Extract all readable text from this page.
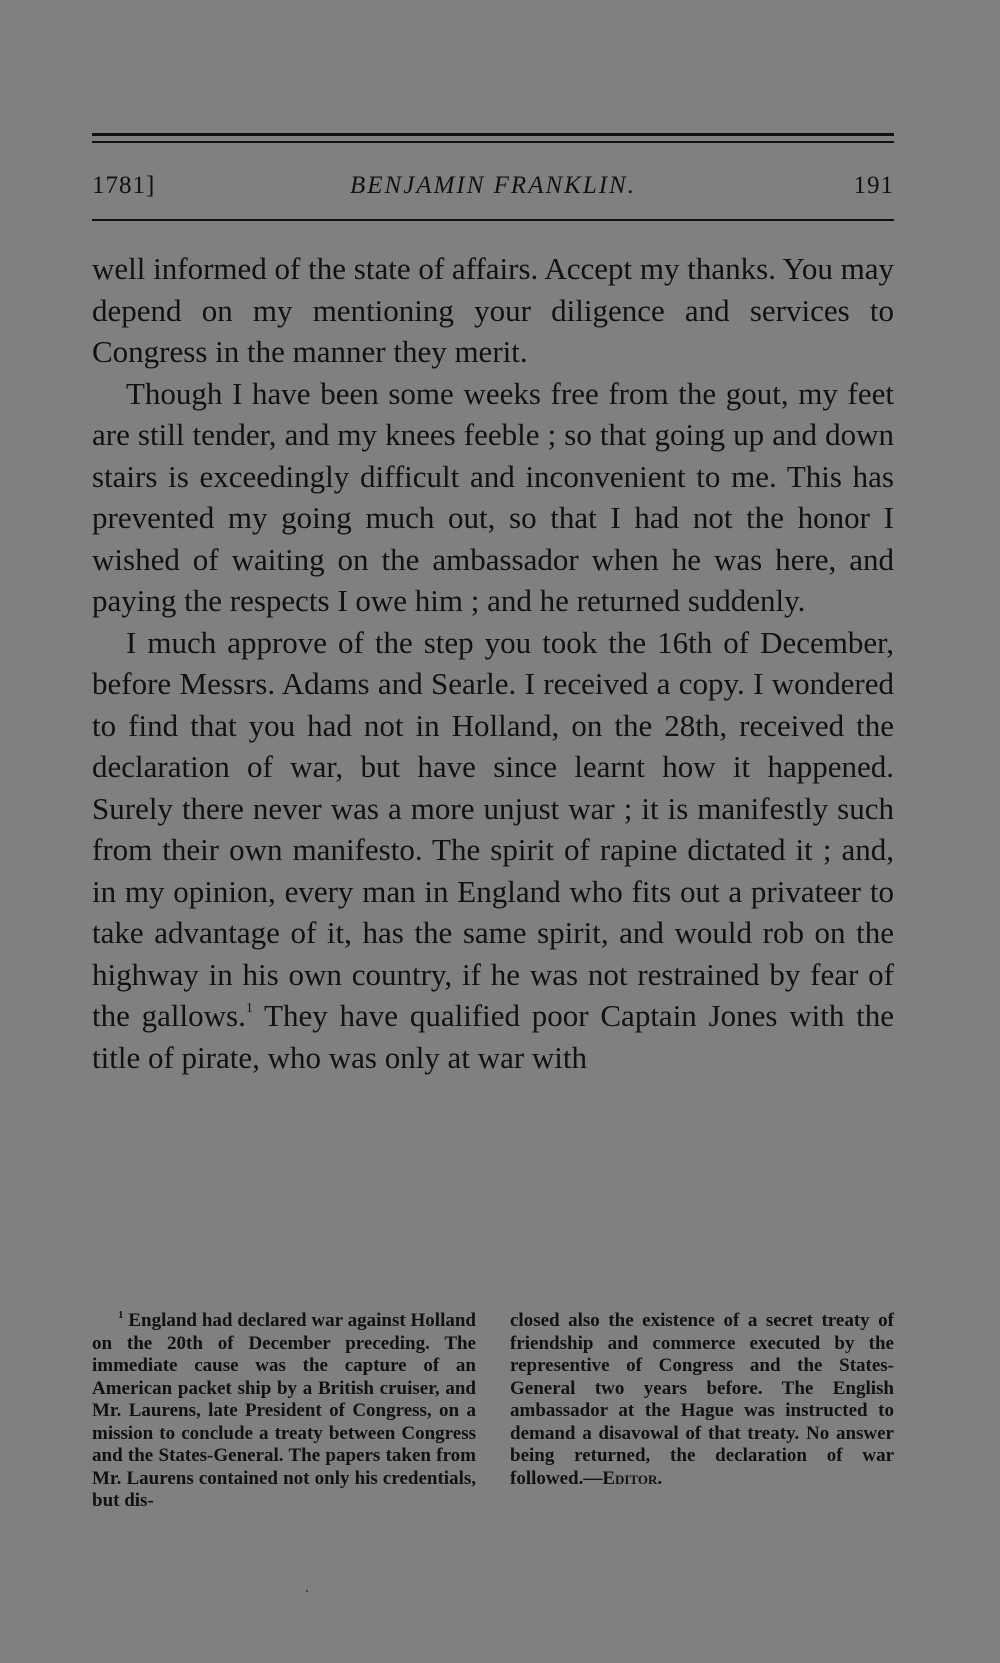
1781]	BENJAMIN FRANKLIN.	191

well informed of the state of affairs. Accept my thanks. You may depend on my mentioning your diligence and services to Congress in the manner they merit.

Though I have been some weeks free from the gout, my feet are still tender, and my knees feeble ; so that going up and down stairs is exceedingly difficult and inconvenient to me. This has prevented my going much out, so that I had not the honor I wished of waiting on the ambassador when he was here, and paying the respects I owe him ; and he returned suddenly.

I much approve of the step you took the 16th of December, before Messrs. Adams and Searle. I received a copy. I wondered to find that you had not in Holland, on the 28th, received the declaration of war, but have since learnt how it happened. Surely there never was a more unjust war ; it is manifestly such from their own manifesto. The spirit of rapine dictated it ; and, in my opinion, every man in England who fits out a privateer to take advantage of it, has the same spirit, and would rob on the highway in his own country, if he was not restrained by fear of the gallows.$^1$ They have qualified poor Captain Jones with the title of pirate, who was only at war with

$^1$ England had declared war against Holland on the 20th of December preceding. The immediate cause was the capture of an American packet ship by a British cruiser, and Mr. Laurens, late President of Congress, on a mission to conclude a treaty between Congress and the States-General. The papers taken from Mr. Laurens contained not only his credentials, but dis-
closed also the existence of a secret treaty of friendship and commerce executed by the representive of Congress and the States-General two years before. The English ambassador at the Hague was instructed to demand a disavowal of that treaty. No answer being returned, the declaration of war followed.—Editor.
